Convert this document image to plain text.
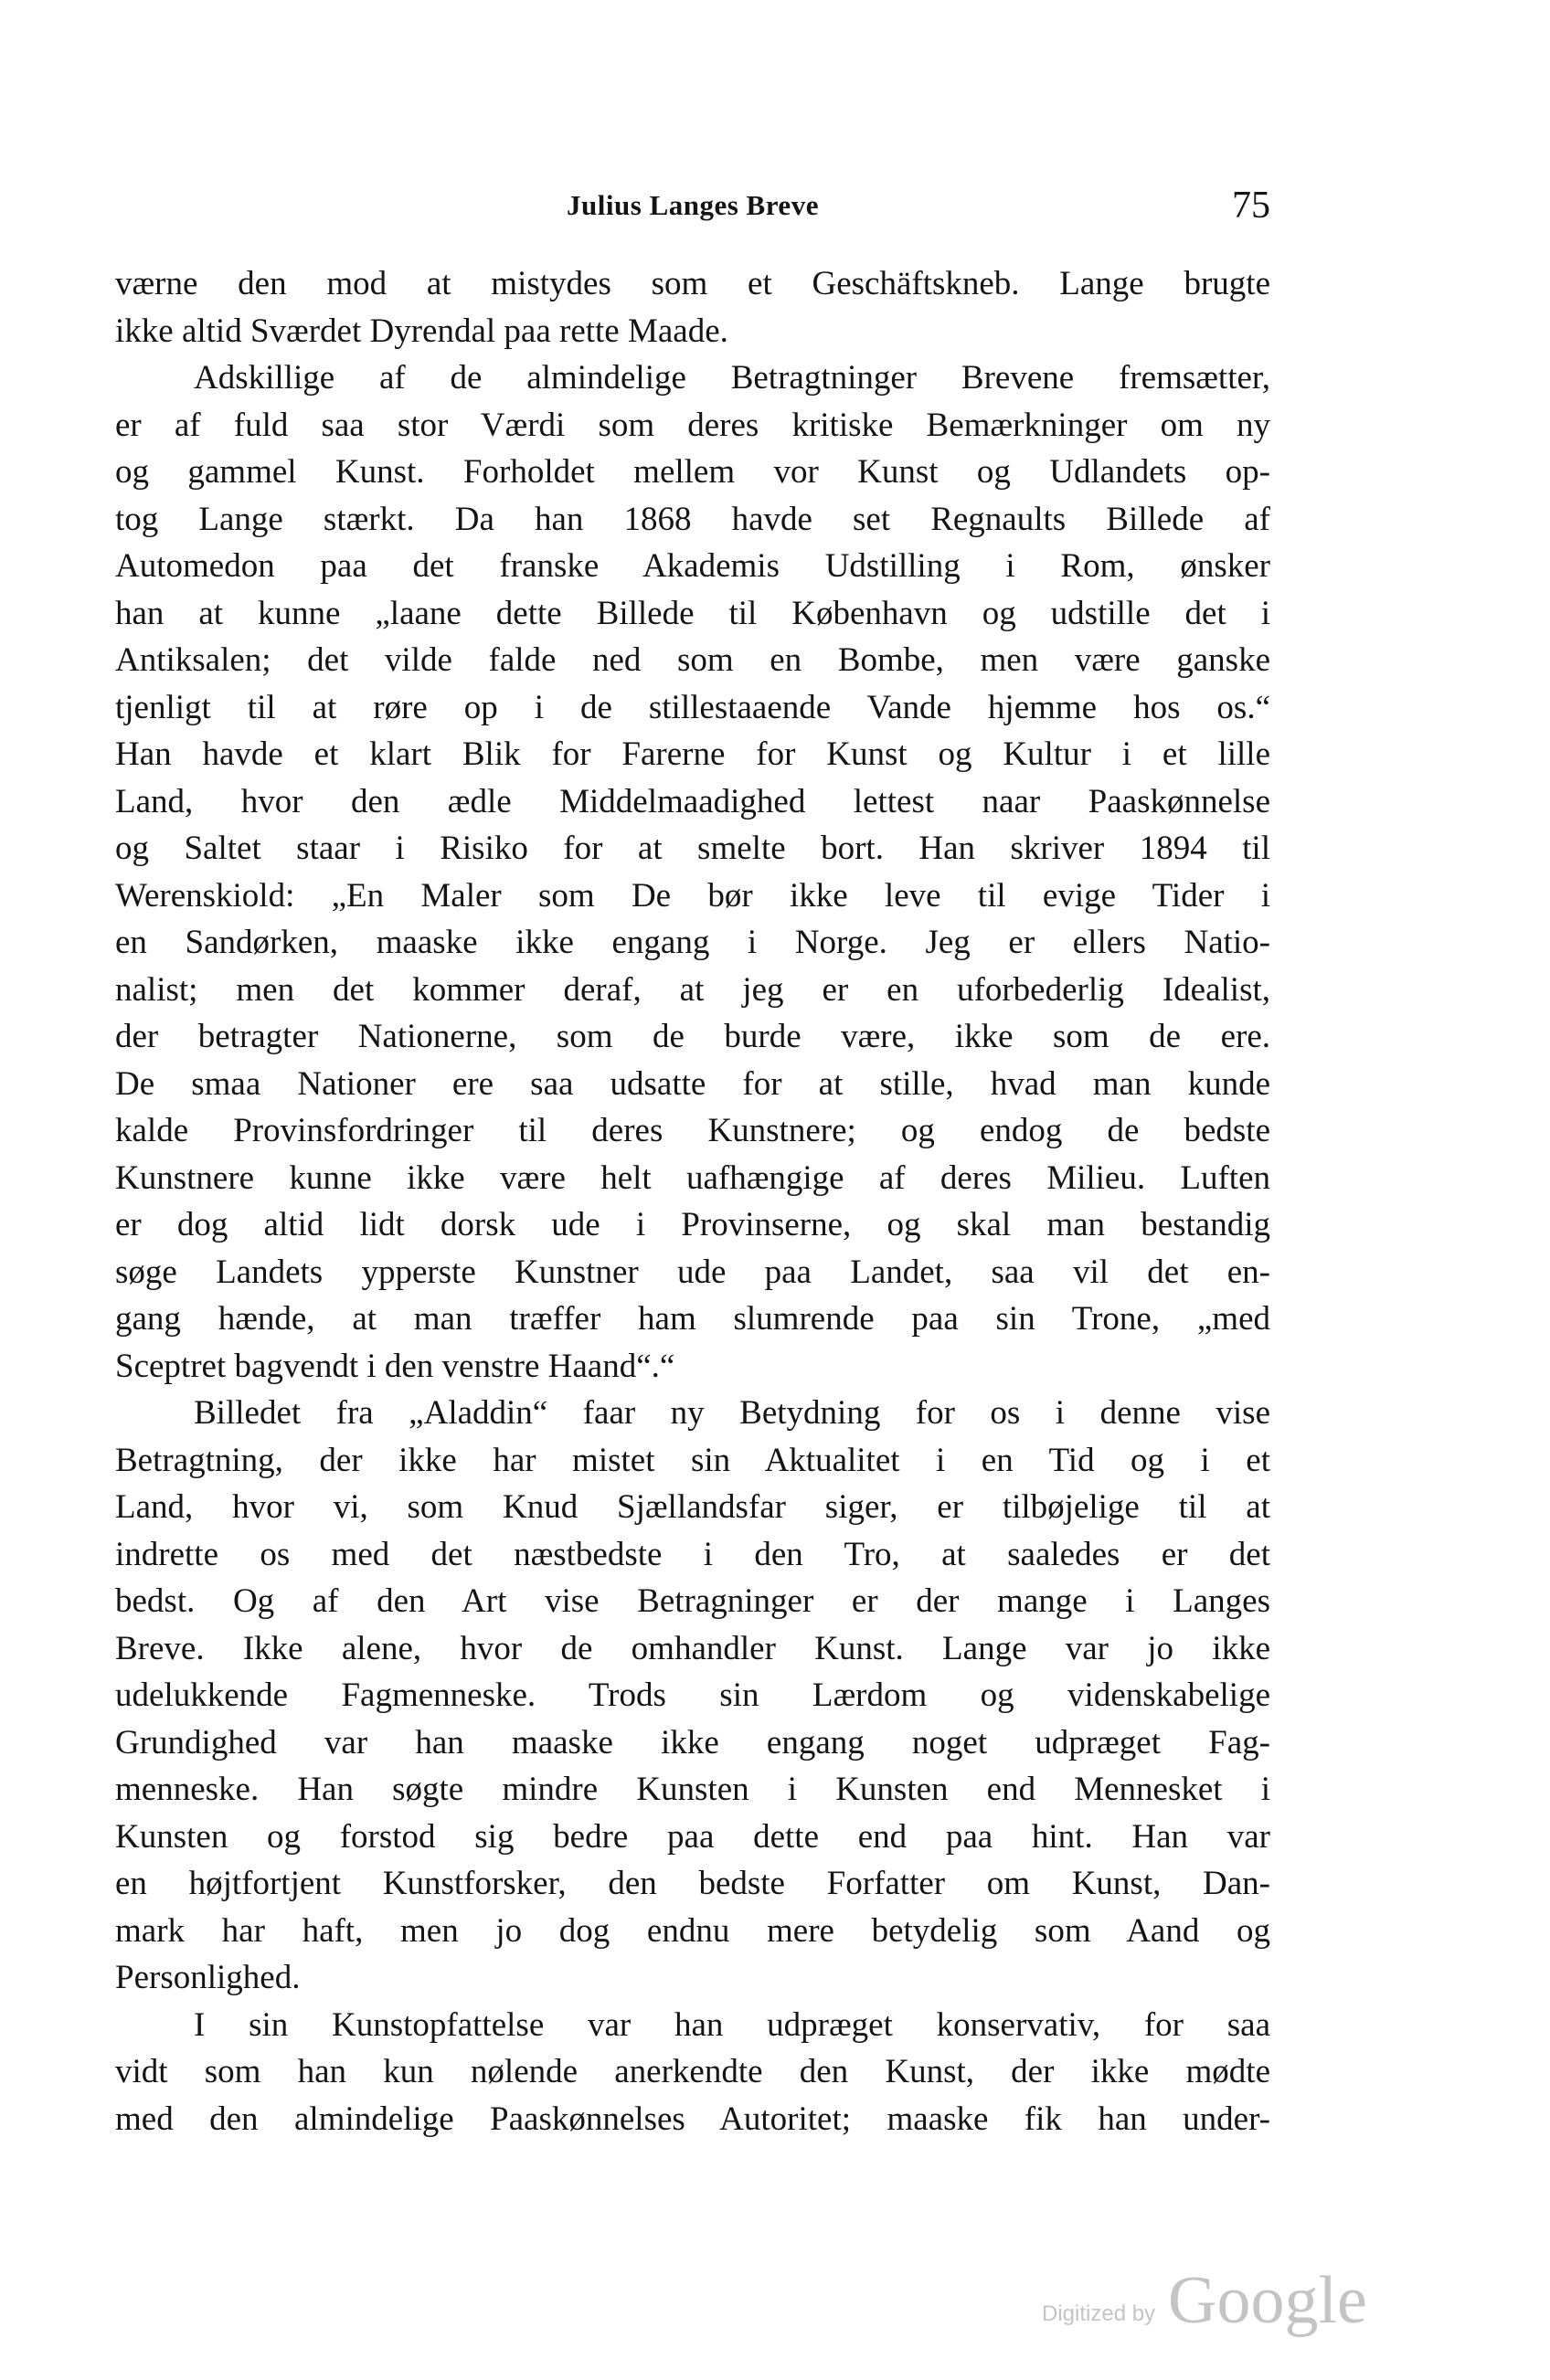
Julius Langes Breve	75
værne den mod at mistydes som et Geschäftskneb. Lange brugte
ikke altid Sværdet Dyrendal paa rette Maade.
Adskillige af de almindelige Betragtninger Brevene fremsætter,
er af fuld saa stor Værdi som deres kritiske Bemærkninger om ny
og gammel Kunst. Forholdet mellem vor Kunst og Udlandets op-
tog Lange stærkt. Da han 1868 havde set Regnaults Billede af
Automedon paa det franske Akademis Udstilling i Rom, ønsker
han at kunne „laane dette Billede til København og udstille det i
Antiksalen; det vilde falde ned som en Bombe, men være ganske
tjenligt til at røre op i de stillestaaende Vande hjemme hos os.“
Han havde et klart Blik for Farerne for Kunst og Kultur i et lille
Land, hvor den ædle Middelmaadighed lettest naar Paaskønnelse
og Saltet staar i Risiko for at smelte bort. Han skriver 1894 til
Werenskiold: „En Maler som De bør ikke leve til evige Tider i
en Sandørken, maaske ikke engang i Norge. Jeg er ellers Natio-
nalist; men det kommer deraf, at jeg er en uforbederlig Idealist,
der betragter Nationerne, som de burde være, ikke som de ere.
De smaa Nationer ere saa udsatte for at stille, hvad man kunde
kalde Provinsfordringer til deres Kunstnere; og endog de bedste
Kunstnere kunne ikke være helt uafhængige af deres Milieu. Luften
er dog altid lidt dorsk ude i Provinserne, og skal man bestandig
søge Landets ypperste Kunstner ude paa Landet, saa vil det en-
gang hænde, at man træffer ham slumrende paa sin Trone, „med
Sceptret bagvendt i den venstre Haand“.“
Billedet fra „Aladdin“ faar ny Betydning for os i denne vise
Betragtning, der ikke har mistet sin Aktualitet i en Tid og i et
Land, hvor vi, som Knud Sjællandsfar siger, er tilbøjelige til at
indrette os med det næstbedste i den Tro, at saaledes er det
bedst. Og af den Art vise Betragninger er der mange i Langes
Breve. Ikke alene, hvor de omhandler Kunst. Lange var jo ikke
udelukkende Fagmenneske. Trods sin Lærdom og videnskabelige
Grundighed var han maaske ikke engang noget udpræget Fag-
menneske. Han søgte mindre Kunsten i Kunsten end Mennesket i
Kunsten og forstod sig bedre paa dette end paa hint. Han var
en højtfortjent Kunstforsker, den bedste Forfatter om Kunst, Dan-
mark har haft, men jo dog endnu mere betydelig som Aand og
Personlighed.
I sin Kunstopfattelse var han udpræget konservativ, for saa
vidt som han kun nølende anerkendte den Kunst, der ikke mødte
med den almindelige Paaskønnelses Autoritet; maaske fik han under-
Digitized by Google
